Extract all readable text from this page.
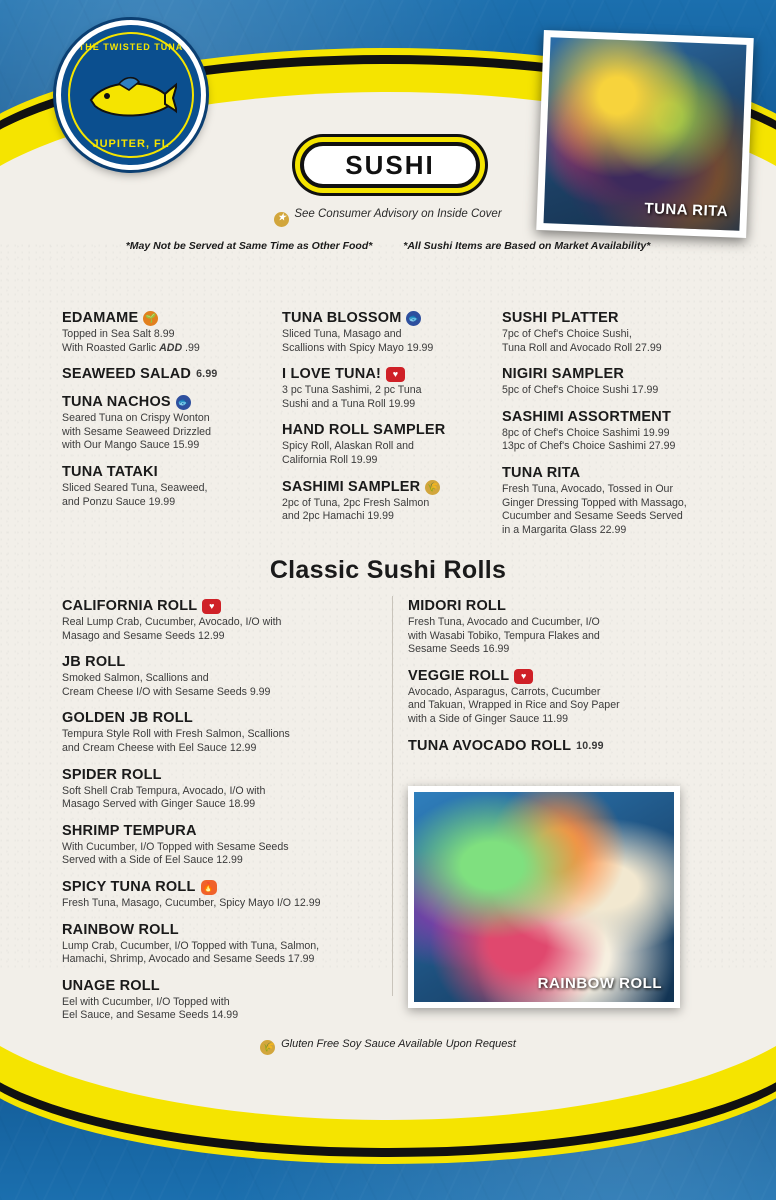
THE TWISTED TUNA
JUPITER, FL
SUSHI
TUNA RITA
★ See Consumer Advisory on Inside Cover
*May Not be Served at Same Time as Other Food*	*All Sushi Items are Based on Market Availability*
EDAMAME 🌱
Topped in Sea Salt 8.99
With Roasted Garlic ADD .99
SEAWEED SALAD 6.99
TUNA NACHOS 🐟
Seared Tuna on Crispy Wonton
with Sesame Seaweed Drizzled
with Our Mango Sauce 15.99
TUNA TATAKI
Sliced Seared Tuna, Seaweed,
and Ponzu Sauce 19.99
TUNA BLOSSOM 🐟
Sliced Tuna, Masago and
Scallions with Spicy Mayo 19.99
I LOVE TUNA!	♥
3 pc Tuna Sashimi, 2 pc Tuna
Sushi and a Tuna Roll 19.99
HAND ROLL SAMPLER
Spicy Roll, Alaskan Roll and
California Roll 19.99
SASHIMI SAMPLER 🌾
2pc of Tuna, 2pc Fresh Salmon
and 2pc Hamachi 19.99
SUSHI PLATTER
7pc of Chef's Choice Sushi,
Tuna Roll and Avocado Roll 27.99
NIGIRI SAMPLER
5pc of Chef's Choice Sushi 17.99
SASHIMI ASSORTMENT
8pc of Chef's Choice Sashimi 19.99
13pc of Chef's Choice Sashimi 27.99
TUNA RITA
Fresh Tuna, Avocado, Tossed in Our
Ginger Dressing Topped with Massago,
Cucumber and Sesame Seeds Served
in a Margarita Glass 22.99
Classic Sushi Rolls
CALIFORNIA ROLL	♥
Real Lump Crab, Cucumber, Avocado, I/O with
Masago and Sesame Seeds 12.99
JB ROLL
Smoked Salmon, Scallions and
Cream Cheese I/O with Sesame Seeds 9.99
GOLDEN JB ROLL
Tempura Style Roll with Fresh Salmon, Scallions
and Cream Cheese with Eel Sauce 12.99
SPIDER ROLL
Soft Shell Crab Tempura, Avocado, I/O with
Masago Served with Ginger Sauce 18.99
SHRIMP TEMPURA
With Cucumber, I/O Topped with Sesame Seeds
Served with a Side of Eel Sauce 12.99
SPICY TUNA ROLL 🔥
Fresh Tuna, Masago, Cucumber, Spicy Mayo I/O 12.99
RAINBOW ROLL
Lump Crab, Cucumber, I/O Topped with Tuna, Salmon,
Hamachi, Shrimp, Avocado and Sesame Seeds 17.99
UNAGE ROLL
Eel with Cucumber, I/O Topped with
Eel Sauce, and Sesame Seeds 14.99
MIDORI ROLL
Fresh Tuna, Avocado and Cucumber, I/O
with Wasabi Tobiko, Tempura Flakes and
Sesame Seeds 16.99
VEGGIE ROLL	♥
Avocado, Asparagus, Carrots, Cucumber
and Takuan, Wrapped in Rice and Soy Paper
with a Side of Ginger Sauce 11.99
TUNA AVOCADO ROLL 10.99
RAINBOW ROLL
🌾 Gluten Free Soy Sauce Available Upon Request
